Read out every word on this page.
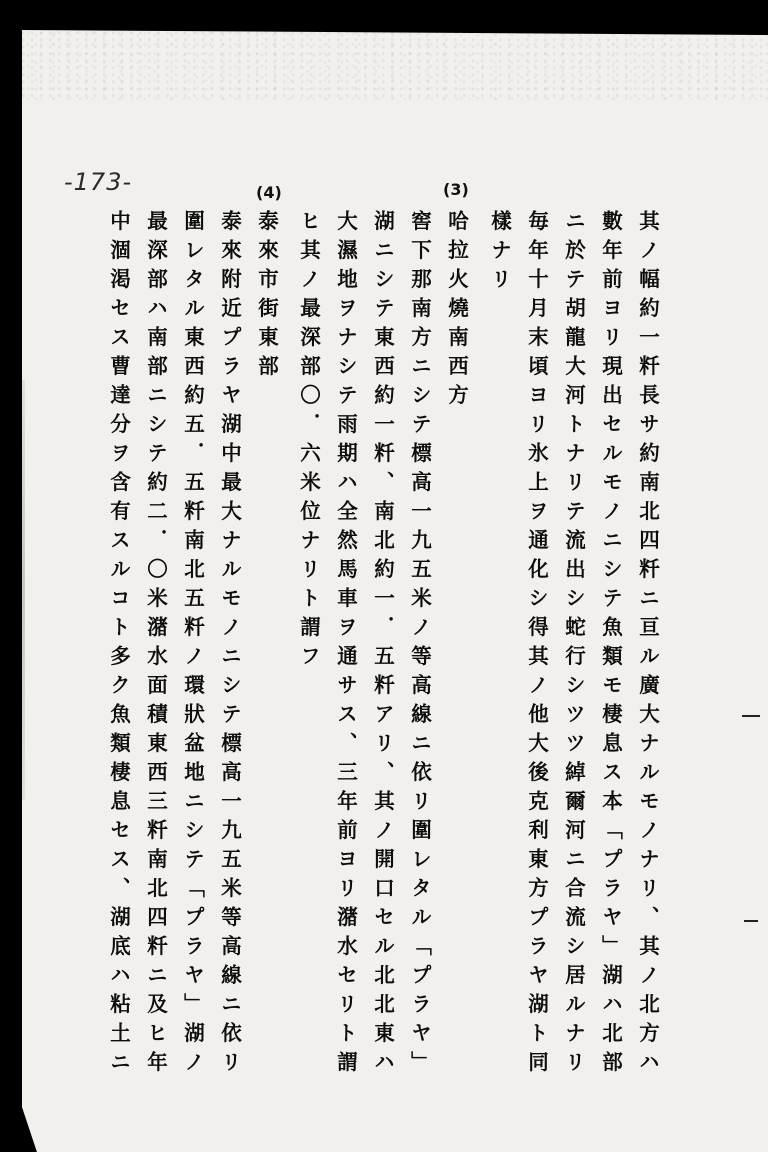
-173-	(3)
(4)
其ノ幅約一粁長サ約南北四粁ニ亘ル廣大ナルモノナリ、其ノ北方ハ
數年前ヨリ現出セルモノニシテ魚類モ棲息ス本「プラヤ」湖ハ北部
ニ於テ胡龍大河トナリテ流出シ蛇行シツツ綽爾河ニ合流シ居ルナリ
毎年十月末頃ヨリ氷上ヲ通化シ得其ノ他大後克利東方プラヤ湖ト同
樣ナリ
哈拉火燒南西方
窖下那南方ニシテ標高一九五米ノ等高線ニ依リ圍レタル「プラヤ」
湖ニシテ東西約一粁、南北約一．五粁アリ、其ノ開口セル北北東ハ
大濕地ヲナシテ雨期ハ全然馬車ヲ通サス、三年前ヨリ潴水セリト謂
ヒ其ノ最深部〇．六米位ナリト謂フ
泰來市街東部
泰來附近プラヤ湖中最大ナルモノニシテ標高一九五米等高線ニ依リ
圍レタル東西約五．五粁南北五粁ノ環狀盆地ニシテ「プラヤ」湖ノ
最深部ハ南部ニシテ約二．〇米潴水面積東西三粁南北四粁ニ及ヒ年
中涸渇セス曹達分ヲ含有スルコト多ク魚類棲息セス、湖底ハ粘土ニ
